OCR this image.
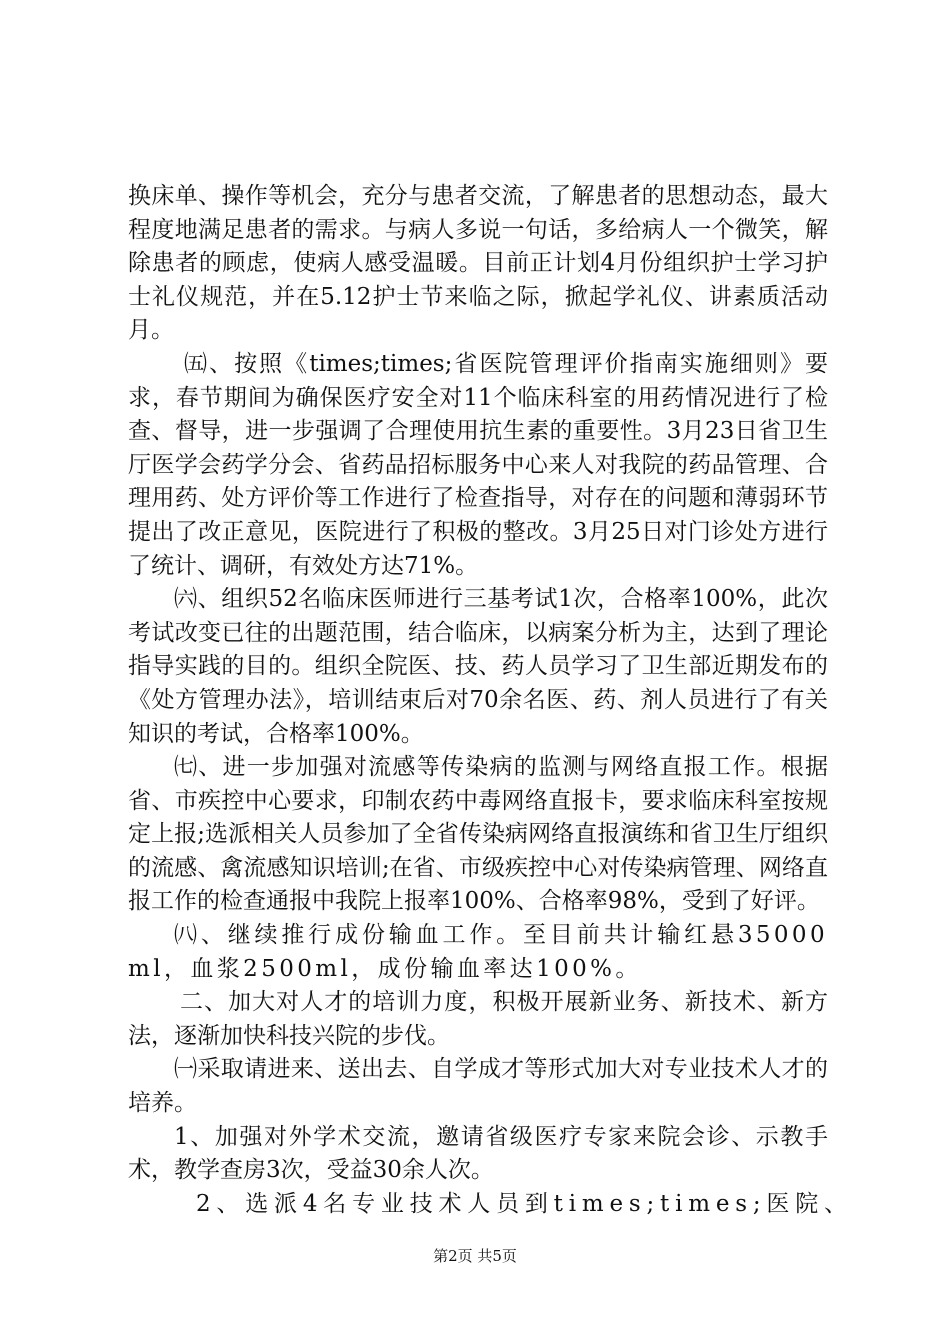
换床单、操作等机会，充分与患者交流，了解患者的思想动态，最大程度地满足患者的需求。与病人多说一句话，多给病人一个微笑，解除患者的顾虑，使病人感受温暖。目前正计划4月份组织护士学习护士礼仪规范，并在5.12护士节来临之际，掀起学礼仪、讲素质活动月。

㈤、按照《times;times;省医院管理评价指南实施细则》要求，春节期间为确保医疗安全对11个临床科室的用药情况进行了检查、督导，进一步强调了合理使用抗生素的重要性。3月23日省卫生厅医学会药学分会、省药品招标服务中心来人对我院的药品管理、合理用药、处方评价等工作进行了检查指导，对存在的问题和薄弱环节提出了改正意见，医院进行了积极的整改。3月25日对门诊处方进行了统计、调研，有效处方达71%。

㈥、组织52名临床医师进行三基考试1次，合格率100%，此次考试改变已往的出题范围，结合临床，以病案分析为主，达到了理论指导实践的目的。组织全院医、技、药人员学习了卫生部近期发布的《处方管理办法》，培训结束后对70余名医、药、剂人员进行了有关知识的考试，合格率100%。

㈦、进一步加强对流感等传染病的监测与网络直报工作。根据省、市疾控中心要求，印制农药中毒网络直报卡，要求临床科室按规定上报;选派相关人员参加了全省传染病网络直报演练和省卫生厅组织的流感、禽流感知识培训;在省、市级疾控中心对传染病管理、网络直报工作的检查通报中我院上报率100%、合格率98%，受到了好评。

㈧、继续推行成份输血工作。至目前共计输红悬35000ml，血浆2500ml，成份输血率达100%。

二、加大对人才的培训力度，积极开展新业务、新技术、新方法，逐渐加快科技兴院的步伐。

㈠采取请进来、送出去、自学成才等形式加大对专业技术人才的培养。

1、加强对外学术交流，邀请省级医疗专家来院会诊、示教手术，教学查房3次，受益30余人次。

2、选派4名专业技术人员到times;times;医院、

第2页 共5页
